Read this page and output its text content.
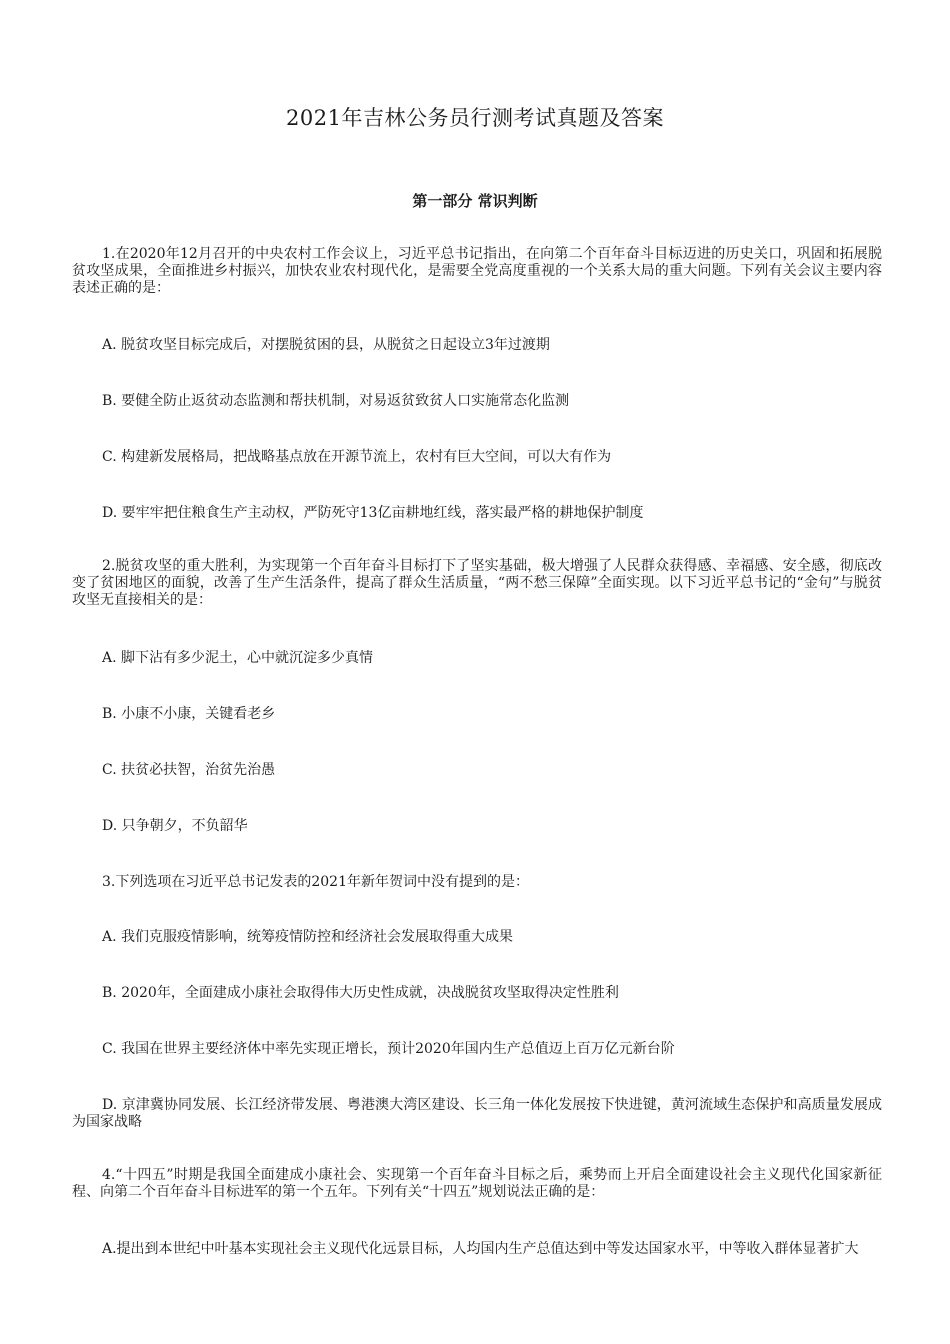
2021年吉林公务员行测考试真题及答案
第一部分 常识判断
1.在2020年12月召开的中央农村工作会议上，习近平总书记指出，在向第二个百年奋斗目标迈进的历史关口，巩固和拓展脱贫攻坚成果，全面推进乡村振兴，加快农业农村现代化，是需要全党高度重视的一个关系大局的重大问题。下列有关会议主要内容表述正确的是：
A. 脱贫攻坚目标完成后，对摆脱贫困的县，从脱贫之日起设立3年过渡期
B. 要健全防止返贫动态监测和帮扶机制，对易返贫致贫人口实施常态化监测
C. 构建新发展格局，把战略基点放在开源节流上，农村有巨大空间，可以大有作为
D. 要牢牢把住粮食生产主动权，严防死守13亿亩耕地红线，落实最严格的耕地保护制度
2.脱贫攻坚的重大胜利，为实现第一个百年奋斗目标打下了坚实基础，极大增强了人民群众获得感、幸福感、安全感，彻底改变了贫困地区的面貌，改善了生产生活条件，提高了群众生活质量，“两不愁三保障”全面实现。以下习近平总书记的“金句”与脱贫攻坚无直接相关的是：
A. 脚下沾有多少泥土，心中就沉淀多少真情
B. 小康不小康，关键看老乡
C. 扶贫必扶智，治贫先治愚
D. 只争朝夕，不负韶华
3.下列选项在习近平总书记发表的2021年新年贺词中没有提到的是：
A. 我们克服疫情影响，统筹疫情防控和经济社会发展取得重大成果
B. 2020年，全面建成小康社会取得伟大历史性成就，决战脱贫攻坚取得决定性胜利
C. 我国在世界主要经济体中率先实现正增长，预计2020年国内生产总值迈上百万亿元新台阶
D. 京津冀协同发展、长江经济带发展、粤港澳大湾区建设、长三角一体化发展按下快进键，黄河流域生态保护和高质量发展成为国家战略
4.“十四五”时期是我国全面建成小康社会、实现第一个百年奋斗目标之后，乘势而上开启全面建设社会主义现代化国家新征程、向第二个百年奋斗目标进军的第一个五年。下列有关“十四五”规划说法正确的是：
A.提出到本世纪中叶基本实现社会主义现代化远景目标，人均国内生产总值达到中等发达国家水平，中等收入群体显著扩大
